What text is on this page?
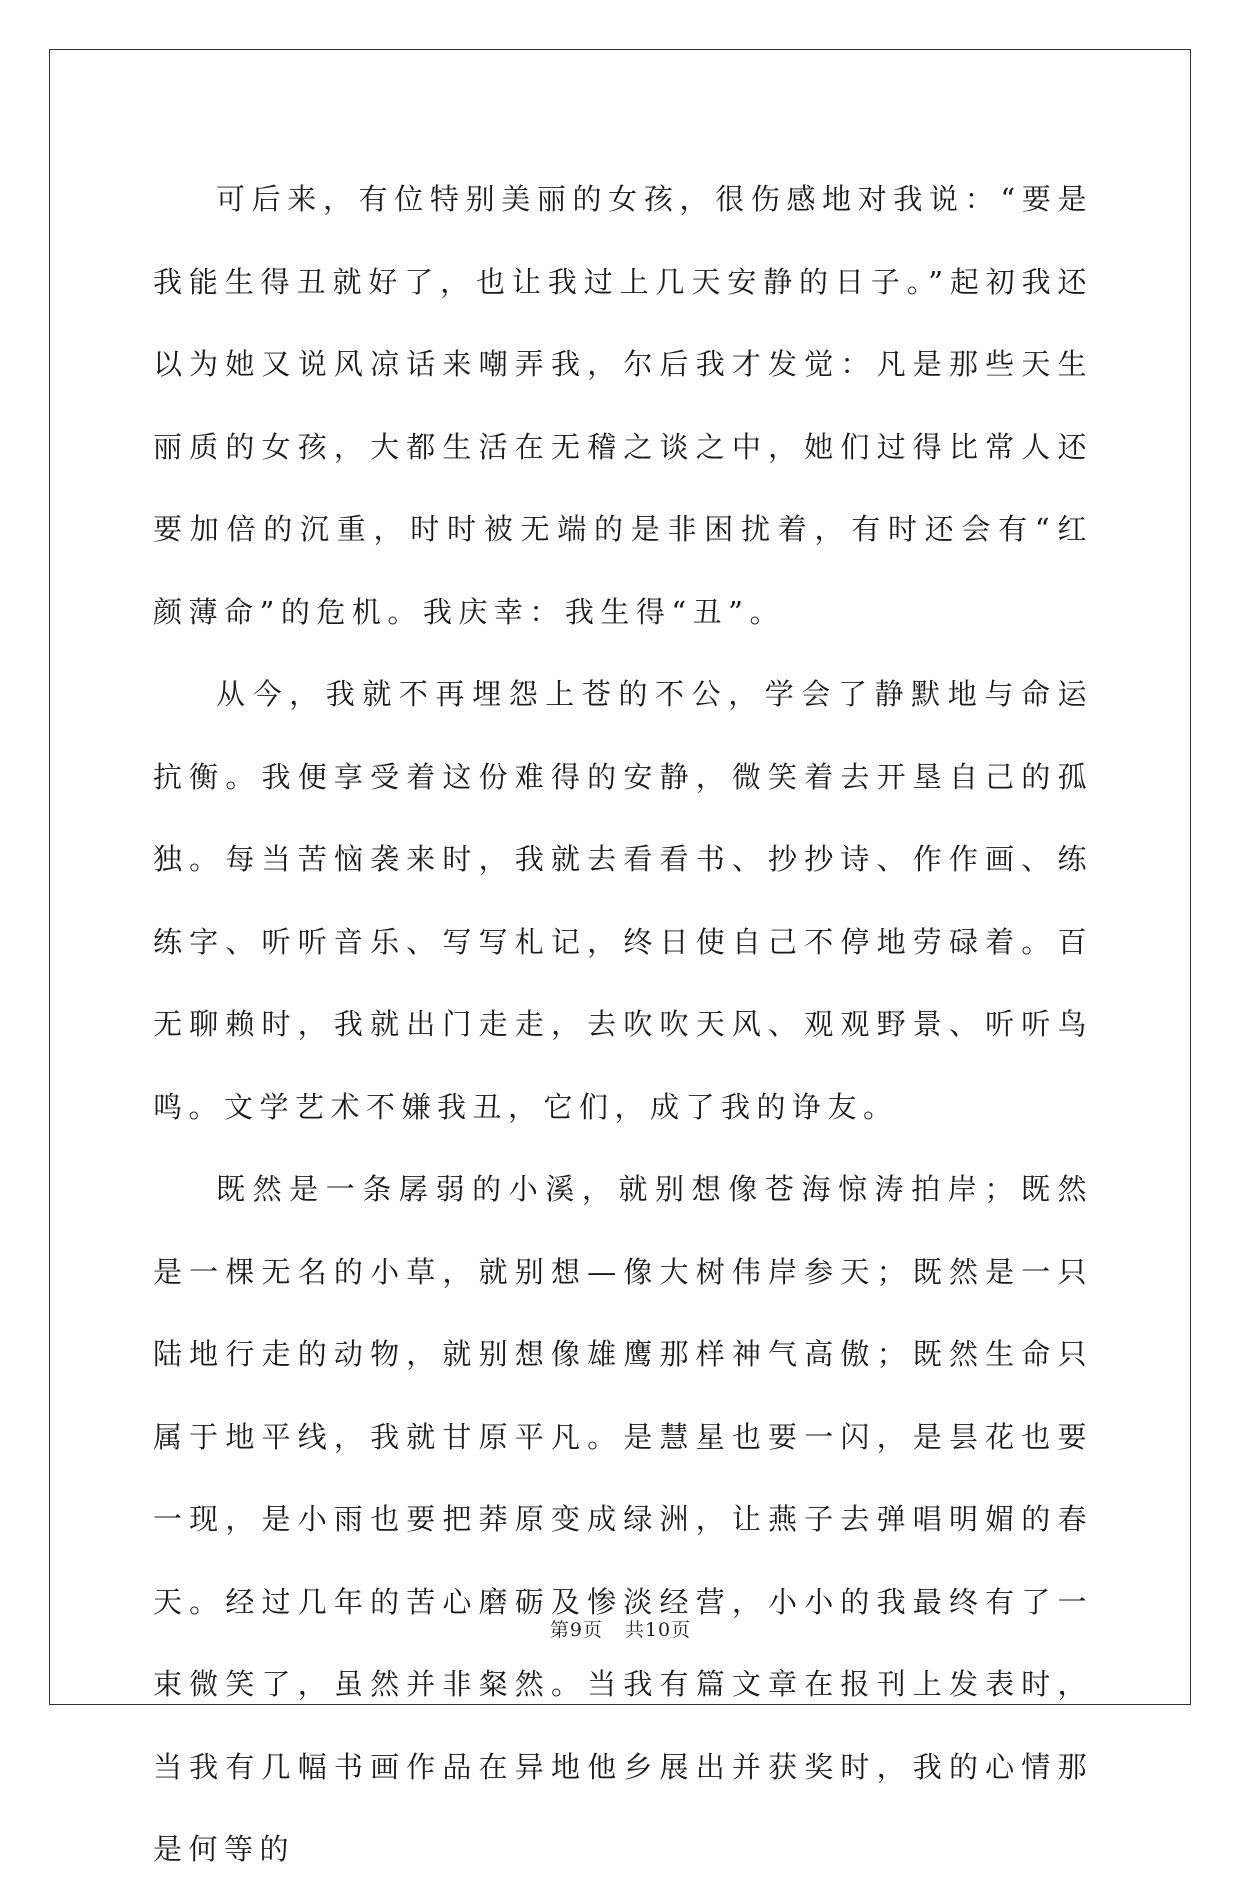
可后来，有位特别美丽的女孩，很伤感地对我说：“要是我能生得丑就好了，也让我过上几天安静的日子。”起初我还以为她又说风凉话来嘲弄我，尔后我才发觉：凡是那些天生丽质的女孩，大都生活在无稽之谈之中，她们过得比常人还要加倍的沉重，时时被无端的是非困扰着，有时还会有“红颜薄命”的危机。我庆幸：我生得“丑”。

从今，我就不再埋怨上苍的不公，学会了静默地与命运抗衡。我便享受着这份难得的安静，微笑着去开垦自己的孤独。每当苦恼袭来时，我就去看看书、抄抄诗、作作画、练练字、听听音乐、写写札记，终日使自己不停地劳碌着。百无聊赖时，我就出门走走，去吹吹天风、观观野景、听听鸟鸣。文学艺术不嫌我丑，它们，成了我的诤友。

既然是一条孱弱的小溪，就别想像苍海惊涛拍岸；既然是一棵无名的小草，就别想—像大树伟岸参天；既然是一只陆地行走的动物，就别想像雄鹰那样神气高傲；既然生命只属于地平线，我就甘原平凡。是慧星也要一闪，是昙花也要一现，是小雨也要把莽原变成绿洲，让燕子去弹唱明媚的春天。经过几年的苦心磨砺及惨淡经营，小小的我最终有了一束微笑了，虽然并非粲然。当我有篇文章在报刊上发表时，当我有几幅书画作品在异地他乡展出并获奖时，我的心情那是何等的

第9页 共10页
